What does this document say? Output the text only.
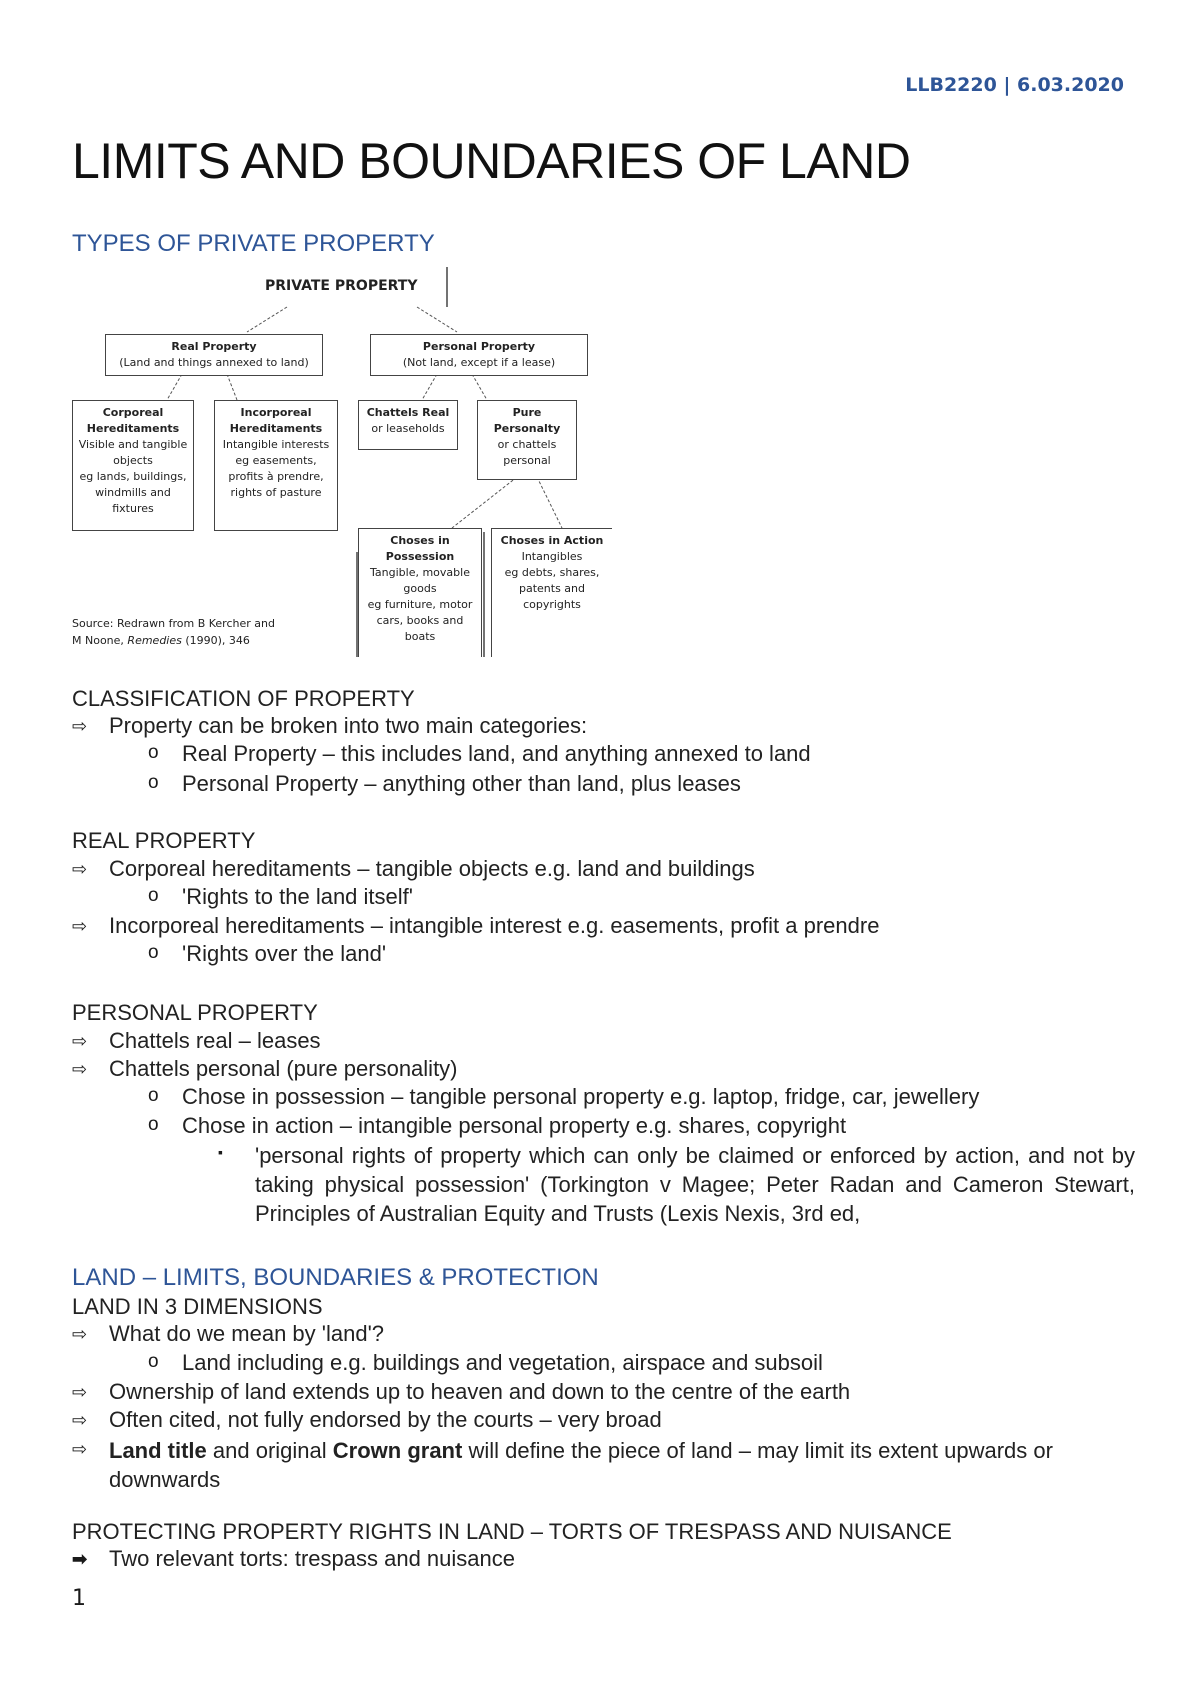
LLB2220 | 6.03.2020
LIMITS AND BOUNDARIES OF LAND
TYPES OF PRIVATE PROPERTY
PRIVATE PROPERTY
Real Property
(Land and things annexed to land)
Personal Property
(Not land, except if a lease)
Corporeal
Hereditaments
Visible and tangible
objects
eg lands, buildings,
windmills and
fixtures
Incorporeal
Hereditaments
Intangible interests
eg easements,
profits à prendre,
rights of pasture
Chattels Real
or leaseholds
Pure
Personalty
or chattels
personal
Choses in
Possession
Tangible, movable
goods
eg furniture, motor
cars, books and
boats
Choses in Action
Intangibles
eg debts, shares,
patents and
copyrights
Source: Redrawn from B Kercher and
M Noone, Remedies (1990), 346
CLASSIFICATION OF PROPERTY
⇨ Property can be broken into two main categories:
o Real Property – this includes land, and anything annexed to land
o Personal Property – anything other than land, plus leases
REAL PROPERTY
⇨ Corporeal hereditaments – tangible objects e.g. land and buildings
o 'Rights to the land itself'
⇨ Incorporeal hereditaments – intangible interest e.g. easements, profit a prendre
o 'Rights over the land'
PERSONAL PROPERTY
⇨ Chattels real – leases
⇨ Chattels personal (pure personality)
o Chose in possession – tangible personal property e.g. laptop, fridge, car, jewellery
o Chose in action – intangible personal property e.g. shares, copyright
▪ 'personal rights of property which can only be claimed or enforced by action, and not by taking physical possession' (Torkington v Magee; Peter Radan and Cameron Stewart, Principles of Australian Equity and Trusts (Lexis Nexis, 3rd ed,
LAND – LIMITS, BOUNDARIES & PROTECTION
LAND IN 3 DIMENSIONS
⇨ What do we mean by 'land'?
o Land including e.g. buildings and vegetation, airspace and subsoil
⇨ Ownership of land extends up to heaven and down to the centre of the earth
⇨ Often cited, not fully endorsed by the courts – very broad
⇨ Land title and original Crown grant will define the piece of land – may limit its extent upwards or downwards
PROTECTING PROPERTY RIGHTS IN LAND – TORTS OF TRESPASS AND NUISANCE
➡ Two relevant torts: trespass and nuisance
1
